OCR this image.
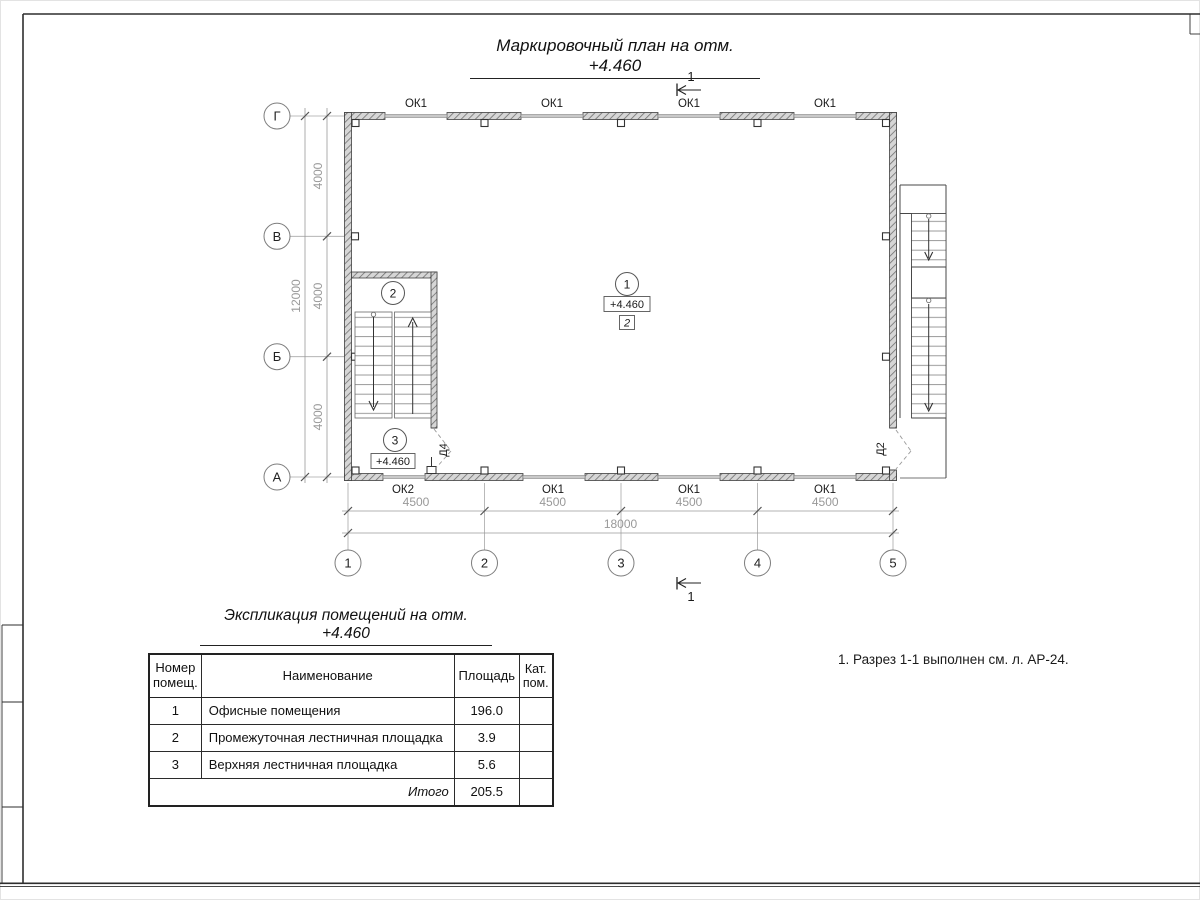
4000
4000
4000
12000
4500	4500	4500	4500
18000
Г
В
Б
А
1	2	3	4	5
ОК1	ОК1	ОК1	ОК1
ОК2	ОК1	ОК1	ОК1
Д4
1
+4.460
2
2
3
+4.460
Д2
1
1
Маркировочный план на отм. +4.460
Экспликация помещений на отм. +4.460
1. Разрез 1-1 выполнен см. л. АР-24.
Номер помещ.	Наименование	Площадь	Кат. пом.
1	Офисные помещения	196.0	
2	Промежуточная лестничная площадка	3.9	
3	Верхняя лестничная площадка	5.6	
Итого		205.5	
